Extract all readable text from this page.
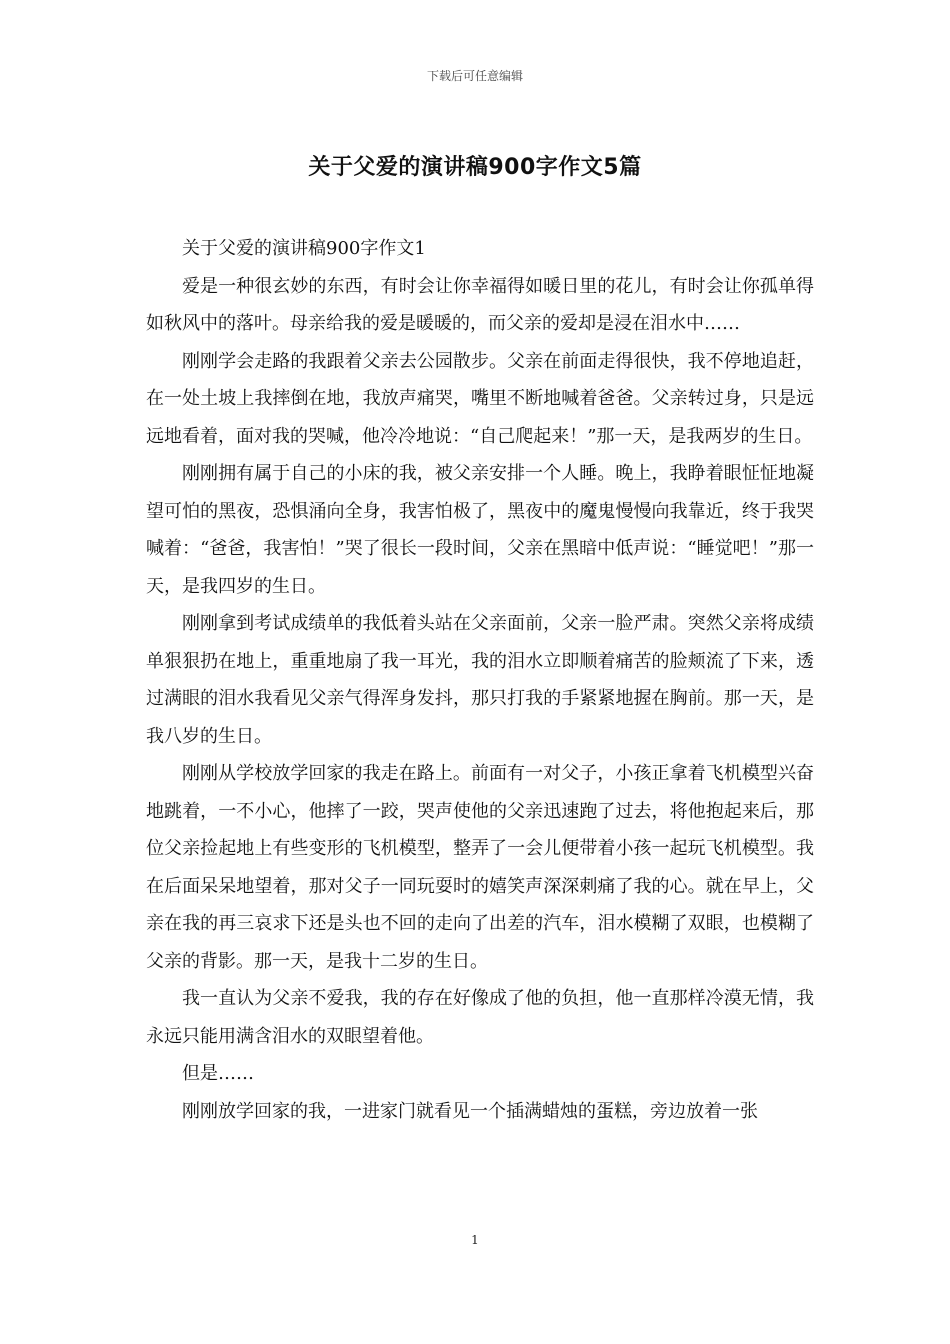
下载后可任意编辑
关于父爱的演讲稿900字作文5篇

关于父爱的演讲稿900字作文1

爱是一种很玄妙的东西，有时会让你幸福得如暖日里的花儿，有时会让你孤单得如秋风中的落叶。母亲给我的爱是暖暖的，而父亲的爱却是浸在泪水中……

刚刚学会走路的我跟着父亲去公园散步。父亲在前面走得很快，我不停地追赶，在一处土坡上我摔倒在地，我放声痛哭，嘴里不断地喊着爸爸。父亲转过身，只是远远地看着，面对我的哭喊，他冷冷地说：“自己爬起来！”那一天，是我两岁的生日。

刚刚拥有属于自己的小床的我，被父亲安排一个人睡。晚上，我睁着眼怔怔地凝望可怕的黑夜，恐惧涌向全身，我害怕极了，黑夜中的魔鬼慢慢向我靠近，终于我哭喊着：“爸爸，我害怕！”哭了很长一段时间，父亲在黑暗中低声说：“睡觉吧！”那一天，是我四岁的生日。

刚刚拿到考试成绩单的我低着头站在父亲面前，父亲一脸严肃。突然父亲将成绩单狠狠扔在地上，重重地扇了我一耳光，我的泪水立即顺着痛苦的脸颊流了下来，透过满眼的泪水我看见父亲气得浑身发抖，那只打我的手紧紧地握在胸前。那一天，是我八岁的生日。

刚刚从学校放学回家的我走在路上。前面有一对父子，小孩正拿着飞机模型兴奋地跳着，一不小心，他摔了一跤，哭声使他的父亲迅速跑了过去，将他抱起来后，那位父亲捡起地上有些变形的飞机模型，整弄了一会儿便带着小孩一起玩飞机模型。我在后面呆呆地望着，那对父子一同玩耍时的嬉笑声深深刺痛了我的心。就在早上，父亲在我的再三哀求下还是头也不回的走向了出差的汽车，泪水模糊了双眼，也模糊了父亲的背影。那一天，是我十二岁的生日。

我一直认为父亲不爱我，我的存在好像成了他的负担，他一直那样冷漠无情，我永远只能用满含泪水的双眼望着他。

但是……

刚刚放学回家的我，一进家门就看见一个插满蜡烛的蛋糕，旁边放着一张

1
